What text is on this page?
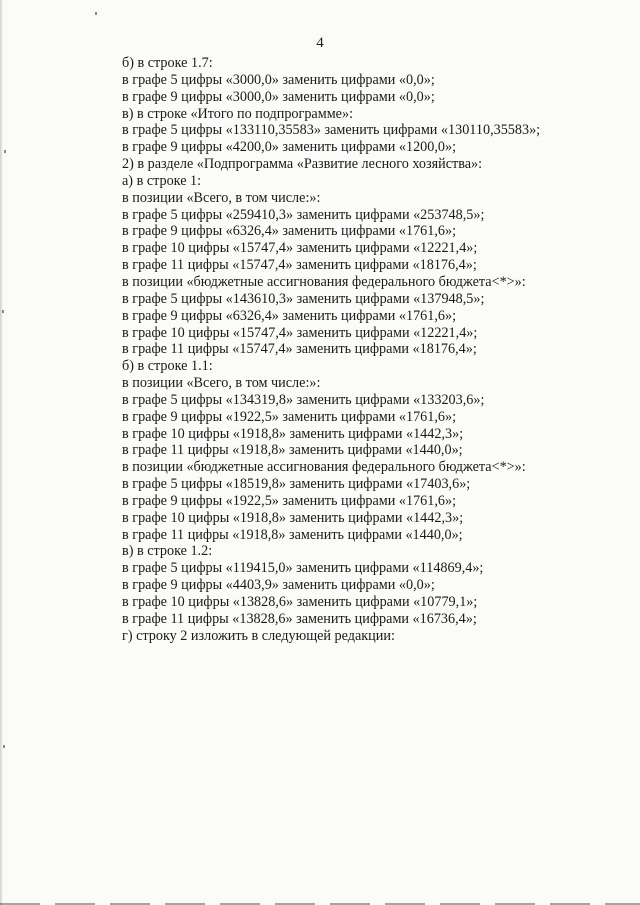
4
б) в строке 1.7:
в графе 5 цифры «3000,0» заменить цифрами «0,0»;
в графе 9 цифры «3000,0» заменить цифрами «0,0»;
в) в строке «Итого по подпрограмме»:
в графе 5 цифры «133110,35583» заменить цифрами «130110,35583»;
в графе 9 цифры «4200,0» заменить цифрами «1200,0»;
2) в разделе «Подпрограмма «Развитие лесного хозяйства»:
а) в строке 1:
в позиции «Всего, в том числе:»:
в графе 5 цифры «259410,3» заменить цифрами «253748,5»;
в графе 9 цифры «6326,4» заменить цифрами «1761,6»;
в графе 10 цифры «15747,4» заменить цифрами «12221,4»;
в графе 11 цифры «15747,4» заменить цифрами «18176,4»;
в позиции «бюджетные ассигнования федерального бюджета<*>»:
в графе 5 цифры «143610,3» заменить цифрами «137948,5»;
в графе 9 цифры «6326,4» заменить цифрами «1761,6»;
в графе 10 цифры «15747,4» заменить цифрами «12221,4»;
в графе 11 цифры «15747,4» заменить цифрами «18176,4»;
б) в строке 1.1:
в позиции «Всего, в том числе:»:
в графе 5 цифры «134319,8» заменить цифрами «133203,6»;
в графе 9 цифры «1922,5» заменить цифрами «1761,6»;
в графе 10 цифры «1918,8» заменить цифрами «1442,3»;
в графе 11 цифры «1918,8» заменить цифрами «1440,0»;
в позиции «бюджетные ассигнования федерального бюджета<*>»:
в графе 5 цифры «18519,8» заменить цифрами «17403,6»;
в графе 9 цифры «1922,5» заменить цифрами «1761,6»;
в графе 10 цифры «1918,8» заменить цифрами «1442,3»;
в графе 11 цифры «1918,8» заменить цифрами «1440,0»;
в) в строке 1.2:
в графе 5 цифры «119415,0» заменить цифрами «114869,4»;
в графе 9 цифры «4403,9» заменить цифрами «0,0»;
в графе 10 цифры «13828,6» заменить цифрами «10779,1»;
в графе 11 цифры «13828,6» заменить цифрами «16736,4»;
г) строку 2 изложить в следующей редакции:
